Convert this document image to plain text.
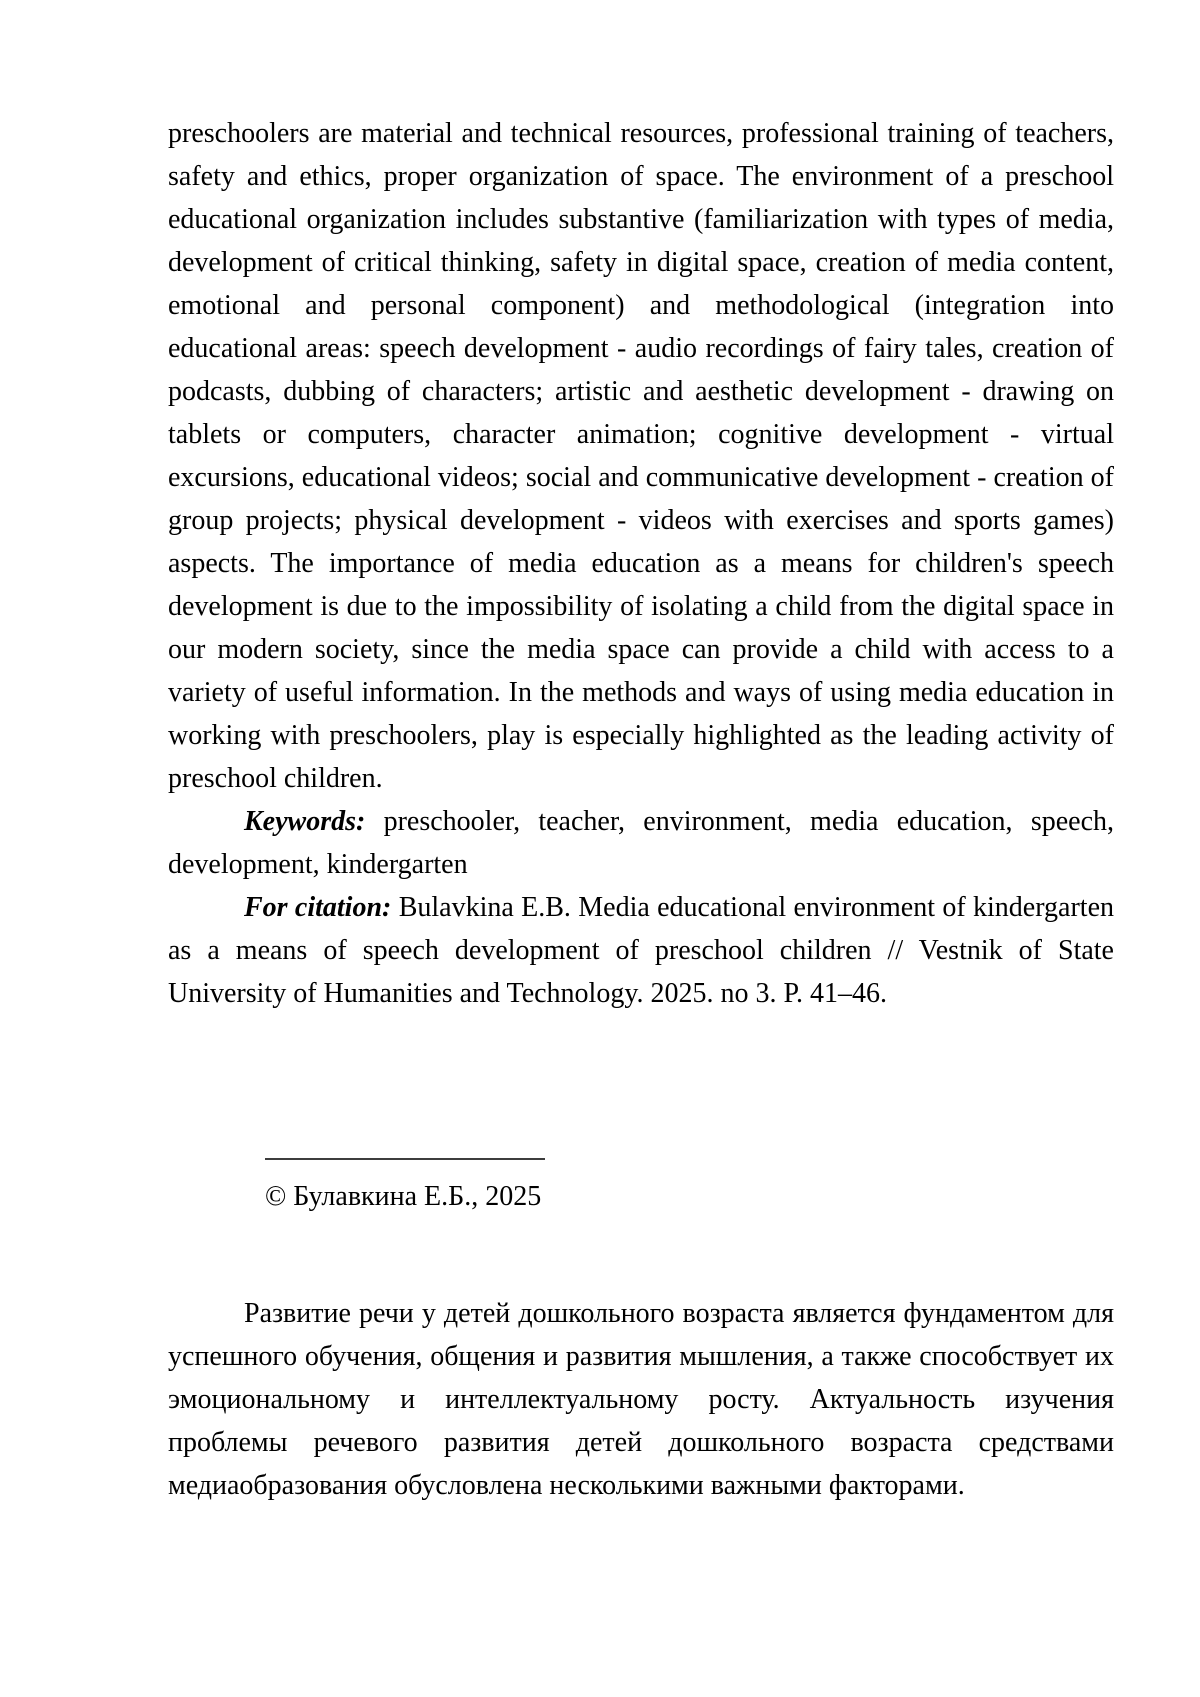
preschoolers are material and technical resources, professional training of teachers, safety and ethics, proper organization of space. The environment of a preschool educational organization includes substantive (familiarization with types of media, development of critical thinking, safety in digital space, creation of media content, emotional and personal component) and methodological (integration into educational areas: speech development - audio recordings of fairy tales, creation of podcasts, dubbing of characters; artistic and aesthetic development - drawing on tablets or computers, character animation; cognitive development - virtual excursions, educational videos; social and communicative development - creation of group projects; physical development - videos with exercises and sports games) aspects. The importance of media education as a means for children's speech development is due to the impossibility of isolating a child from the digital space in our modern society, since the media space can provide a child with access to a variety of useful information. In the methods and ways of using media education in working with preschoolers, play is especially highlighted as the leading activity of preschool children.

Keywords: preschooler, teacher, environment, media education, speech, development, kindergarten

For citation: Bulavkina E.B. Media educational environment of kindergarten as a means of speech development of preschool children // Vestnik of State University of Humanities and Technology. 2025. no 3. P. 41–46.

© Булавкина Е.Б., 2025

Развитие речи у детей дошкольного возраста является фундаментом для успешного обучения, общения и развития мышления, а также способствует их эмоциональному и интеллектуальному росту. Актуальность изучения проблемы речевого развития детей дошкольного возраста средствами медиаобразования обусловлена несколькими важными факторами.
